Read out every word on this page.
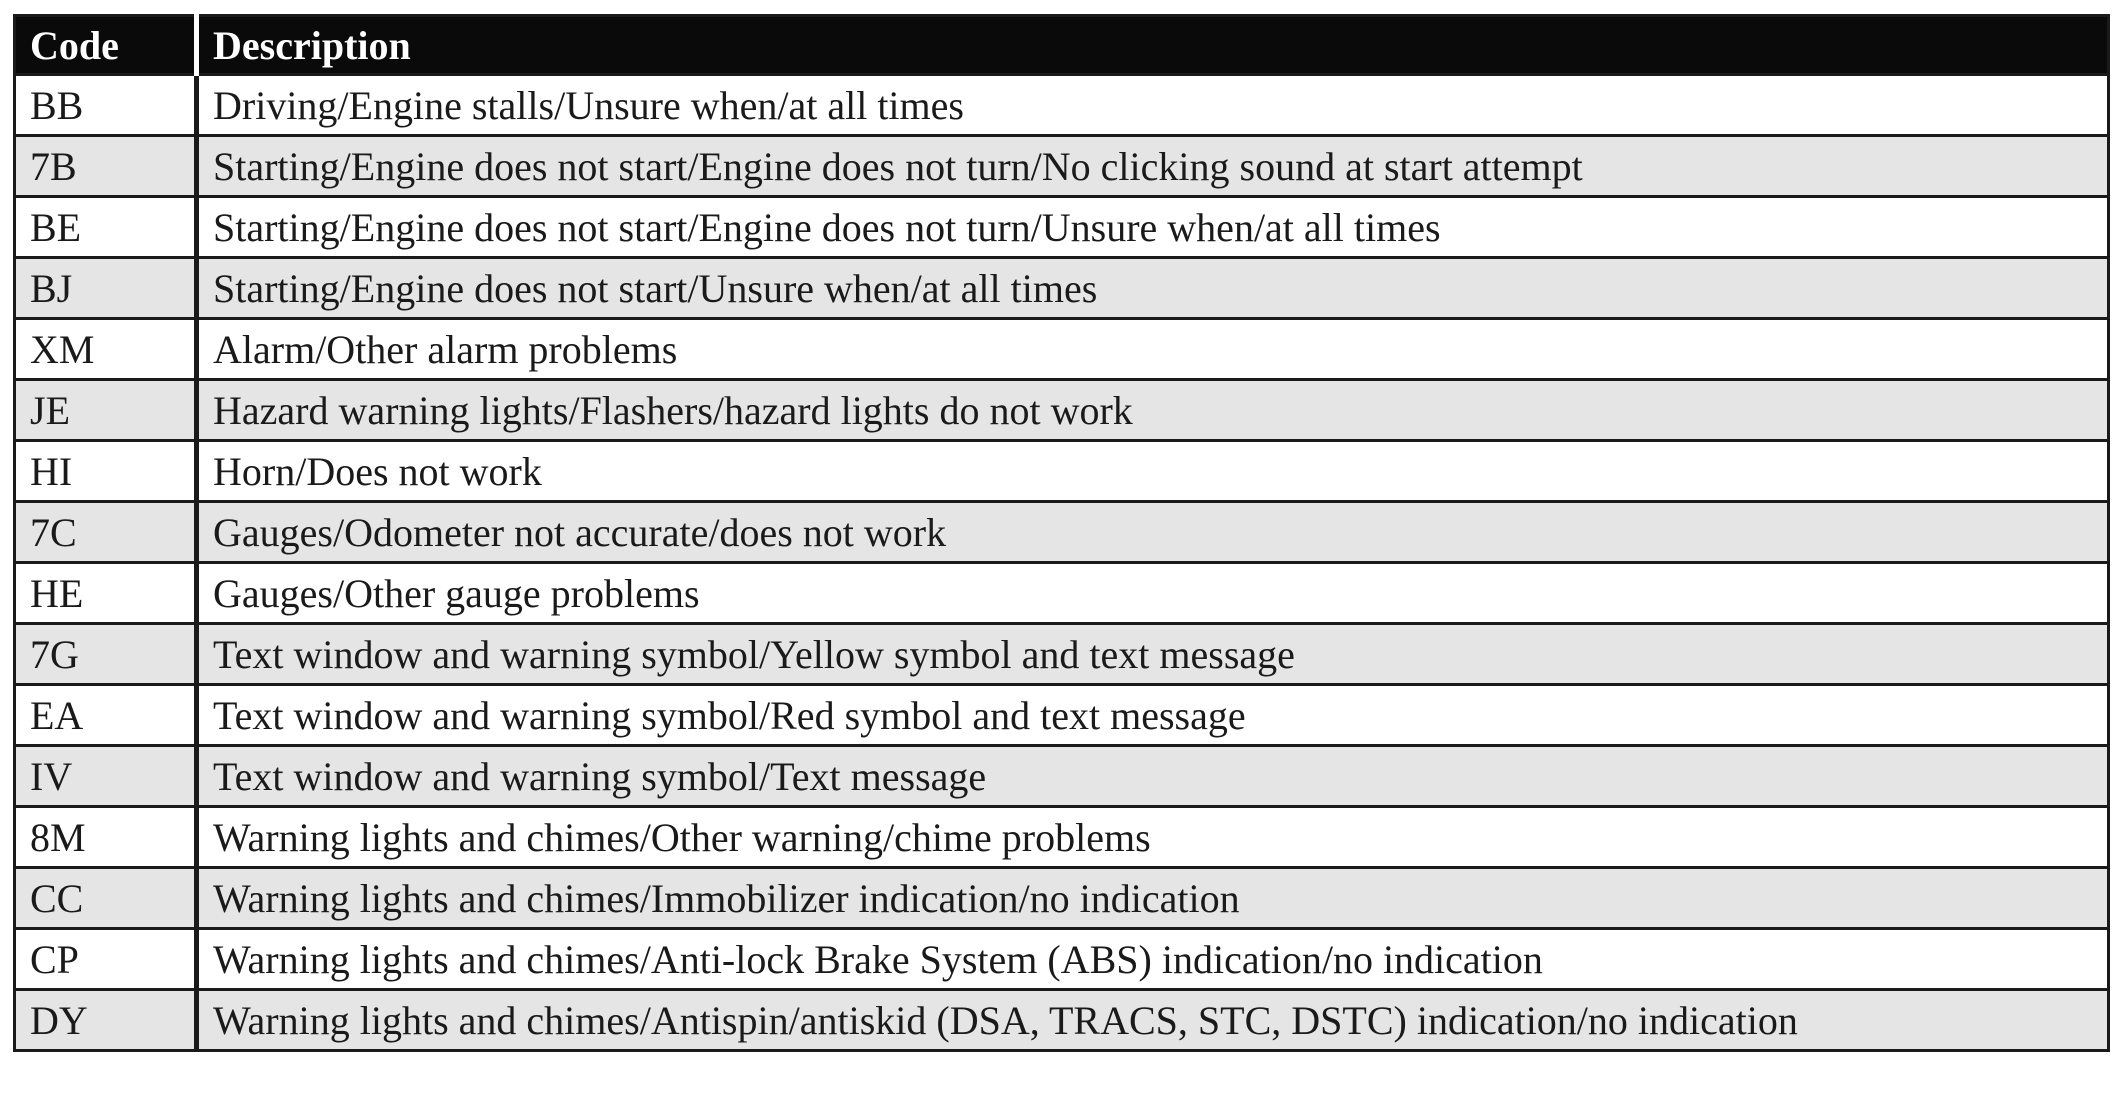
Code	Description
BB	Driving/Engine stalls/Unsure when/at all times
7B	Starting/Engine does not start/Engine does not turn/No clicking sound at start attempt
BE	Starting/Engine does not start/Engine does not turn/Unsure when/at all times
BJ	Starting/Engine does not start/Unsure when/at all times
XM	Alarm/Other alarm problems
JE	Hazard warning lights/Flashers/hazard lights do not work
HI	Horn/Does not work
7C	Gauges/Odometer not accurate/does not work
HE	Gauges/Other gauge problems
7G	Text window and warning symbol/Yellow symbol and text message
EA	Text window and warning symbol/Red symbol and text message
IV	Text window and warning symbol/Text message
8M	Warning lights and chimes/Other warning/chime problems
CC	Warning lights and chimes/Immobilizer indication/no indication
CP	Warning lights and chimes/Anti-lock Brake System (ABS) indication/no indication
DY	Warning lights and chimes/Antispin/antiskid (DSA, TRACS, STC, DSTC) indication/no indication
